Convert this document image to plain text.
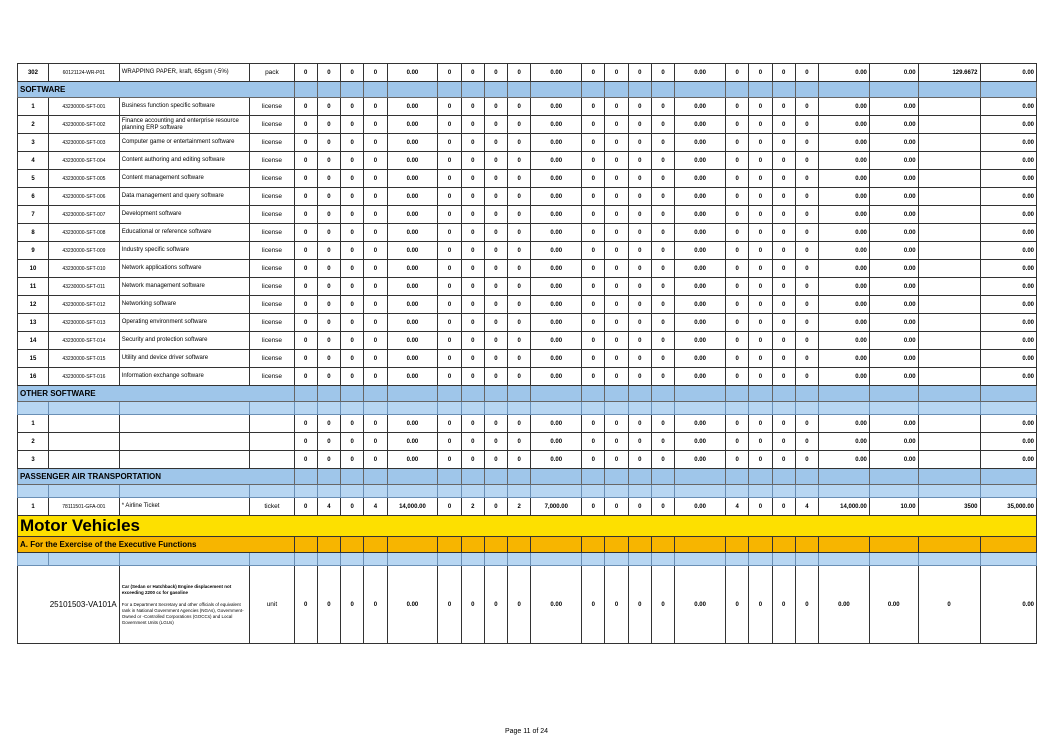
302	60121124-WR-P01	WRAPPING PAPER, kraft, 65gsm (-5%)	pack	0	0	0	0	0.00	0	0	0	0	0.00	0	0	0	0	0.00	0	0	0	0	0.00	0.00	129.6672	0.00
SOFTWARE																										
1	43230000-SFT-001	Business function specific software	license	0	0	0	0	0.00	0	0	0	0	0.00	0	0	0	0	0.00	0	0	0	0	0.00	0.00		0.00
2	43230000-SFT-002	Finance accounting and enterprise resource planning ERP software	license	0	0	0	0	0.00	0	0	0	0	0.00	0	0	0	0	0.00	0	0	0	0	0.00	0.00		0.00
3	43230000-SFT-003	Computer game or entertainment software	license	0	0	0	0	0.00	0	0	0	0	0.00	0	0	0	0	0.00	0	0	0	0	0.00	0.00		0.00
4	43230000-SFT-004	Content authoring and editing software	license	0	0	0	0	0.00	0	0	0	0	0.00	0	0	0	0	0.00	0	0	0	0	0.00	0.00		0.00
5	43230000-SFT-005	Content management software	license	0	0	0	0	0.00	0	0	0	0	0.00	0	0	0	0	0.00	0	0	0	0	0.00	0.00		0.00
6	43230000-SFT-006	Data management and query software	license	0	0	0	0	0.00	0	0	0	0	0.00	0	0	0	0	0.00	0	0	0	0	0.00	0.00		0.00
7	43230000-SFT-007	Development software	license	0	0	0	0	0.00	0	0	0	0	0.00	0	0	0	0	0.00	0	0	0	0	0.00	0.00		0.00
8	43230000-SFT-008	Educational or reference software	license	0	0	0	0	0.00	0	0	0	0	0.00	0	0	0	0	0.00	0	0	0	0	0.00	0.00		0.00
9	43230000-SFT-009	Industry specific software	license	0	0	0	0	0.00	0	0	0	0	0.00	0	0	0	0	0.00	0	0	0	0	0.00	0.00		0.00
10	43230000-SFT-010	Network applications software	license	0	0	0	0	0.00	0	0	0	0	0.00	0	0	0	0	0.00	0	0	0	0	0.00	0.00		0.00
11	43230000-SFT-011	Network management software	license	0	0	0	0	0.00	0	0	0	0	0.00	0	0	0	0	0.00	0	0	0	0	0.00	0.00		0.00
12	43230000-SFT-012	Networking software	license	0	0	0	0	0.00	0	0	0	0	0.00	0	0	0	0	0.00	0	0	0	0	0.00	0.00		0.00
13	43230000-SFT-013	Operating environment software	license	0	0	0	0	0.00	0	0	0	0	0.00	0	0	0	0	0.00	0	0	0	0	0.00	0.00		0.00
14	43230000-SFT-014	Security and protection software	license	0	0	0	0	0.00	0	0	0	0	0.00	0	0	0	0	0.00	0	0	0	0	0.00	0.00		0.00
15	43230000-SFT-015	Utility and device driver software	license	0	0	0	0	0.00	0	0	0	0	0.00	0	0	0	0	0.00	0	0	0	0	0.00	0.00		0.00
16	43230000-SFT-016	Information exchange software	license	0	0	0	0	0.00	0	0	0	0	0.00	0	0	0	0	0.00	0	0	0	0	0.00	0.00		0.00
OTHER SOFTWARE																										

1				0	0	0	0	0.00	0	0	0	0	0.00	0	0	0	0	0.00	0	0	0	0	0.00	0.00		0.00
2				0	0	0	0	0.00	0	0	0	0	0.00	0	0	0	0	0.00	0	0	0	0	0.00	0.00		0.00
3				0	0	0	0	0.00	0	0	0	0	0.00	0	0	0	0	0.00	0	0	0	0	0.00	0.00		0.00
PASSENGER AIR TRANSPORTATION																										

1	78111501-GFA-001	* Airline Ticket	ticket	0	4	0	4	14,000.00	0	2	0	2	7,000.00	0	0	0	0	0.00	4	0	0	4	14,000.00	10.00	3500	35,000.00
Motor Vehicles																										
A. For the Exercise of the Executive Functions																										

25101503-VA101A		Car (Sedan or Hatchback) Engine displacement not exceeding 2200 cc for gasoline
For a Department Secretary and other officials of equivalent rank in National Government Agencies (NGAs), Government-Owned or -Controlled Corporations (GOCCs) and Local Government Units (LGUs)	unit	0	0	0	0	0.00	0	0	0	0	0.00	0	0	0	0	0.00	0	0	0	0	0.00	0.00	0	0.00
Page 11 of 24
